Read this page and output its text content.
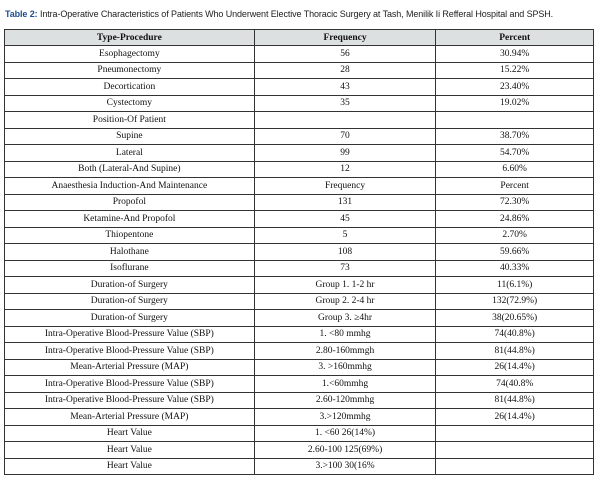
Table 2: Intra-Operative Characteristics of Patients Who Underwent Elective Thoracic Surgery at Tash, Menilik Ii Refferal Hospital and SPSH.
Type-Procedure	Frequency	Percent
Esophagectomy	56	30.94%
Pneumonectomy	28	15.22%
Decortication	43	23.40%
Cystectomy	35	19.02%
Position-Of Patient		
Supine	70	38.70%
Lateral	99	54.70%
Both (Lateral-And Supine)	12	6.60%
Anaesthesia Induction-And Maintenance	Frequency	Percent
Propofol	131	72.30%
Ketamine-And Propofol	45	24.86%
Thiopentone	5	2.70%
Halothane	108	59.66%
Isoflurane	73	40.33%
Duration-of Surgery	Group 1. 1-2 hr	11(6.1%)
Duration-of Surgery	Group 2. 2-4 hr	132(72.9%)
Duration-of Surgery	Group 3. ≥4hr	38(20.65%)
Intra-Operative Blood-Pressure Value (SBP)	1. <80 mmhg	74(40.8%)
Intra-Operative Blood-Pressure Value (SBP)	2.80-160mmgh	81(44.8%)
Mean-Arterial Pressure (MAP)	3. >160mmhg	26(14.4%)
Intra-Operative Blood-Pressure Value (SBP)	1.<60mmhg	74(40.8%
Intra-Operative Blood-Pressure Value (SBP)	2.60-120mmhg	81(44.8%)
Mean-Arterial Pressure (MAP)	3.>120mmhg	26(14.4%)
Heart Value	1. <60 26(14%)	
Heart Value	2.60-100 125(69%)	
Heart Value	3.>100 30(16%	
